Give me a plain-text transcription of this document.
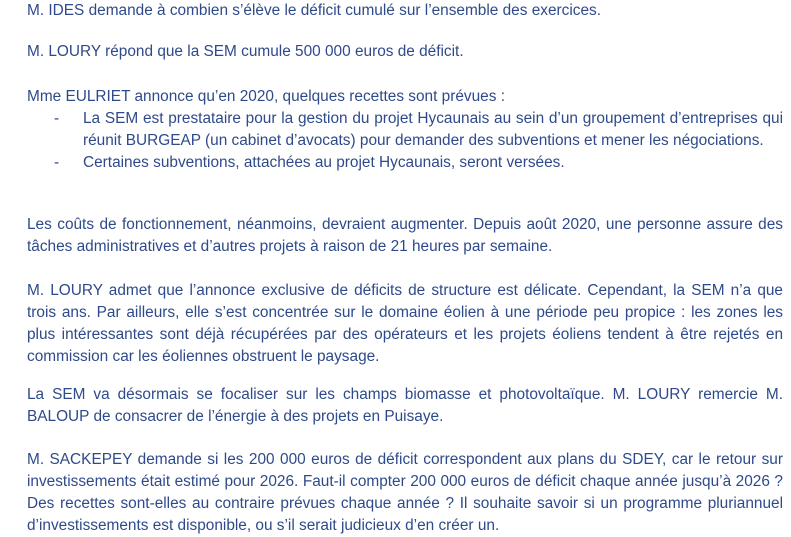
M. IDES demande à combien s’élève le déficit cumulé sur l’ensemble des exercices.

M. LOURY répond que la SEM cumule 500 000 euros de déficit.

Mme EULRIET annonce qu’en 2020, quelques recettes sont prévues :

- La SEM est prestataire pour la gestion du projet Hycaunais au sein d’un groupement d’entreprises qui réunit BURGEAP (un cabinet d’avocats) pour demander des subventions et mener les négociations.
- Certaines subventions, attachées au projet Hycaunais, seront versées.

Les coûts de fonctionnement, néanmoins, devraient augmenter. Depuis août 2020, une personne assure des tâches administratives et d’autres projets à raison de 21 heures par semaine.

M. LOURY admet que l’annonce exclusive de déficits de structure est délicate. Cependant, la SEM n’a que trois ans. Par ailleurs, elle s’est concentrée sur le domaine éolien à une période peu propice : les zones les plus intéressantes sont déjà récupérées par des opérateurs et les projets éoliens tendent à être rejetés en commission car les éoliennes obstruent le paysage.

La SEM va désormais se focaliser sur les champs biomasse et photovoltaïque. M. LOURY remercie M. BALOUP de consacrer de l’énergie à des projets en Puisaye.

M. SACKEPEY demande si les 200 000 euros de déficit correspondent aux plans du SDEY, car le retour sur investissements était estimé pour 2026. Faut-il compter 200 000 euros de déficit chaque année jusqu’à 2026 ? Des recettes sont-elles au contraire prévues chaque année ? Il souhaite savoir si un programme pluriannuel d’investissements est disponible, ou s’il serait judicieux d’en créer un.
